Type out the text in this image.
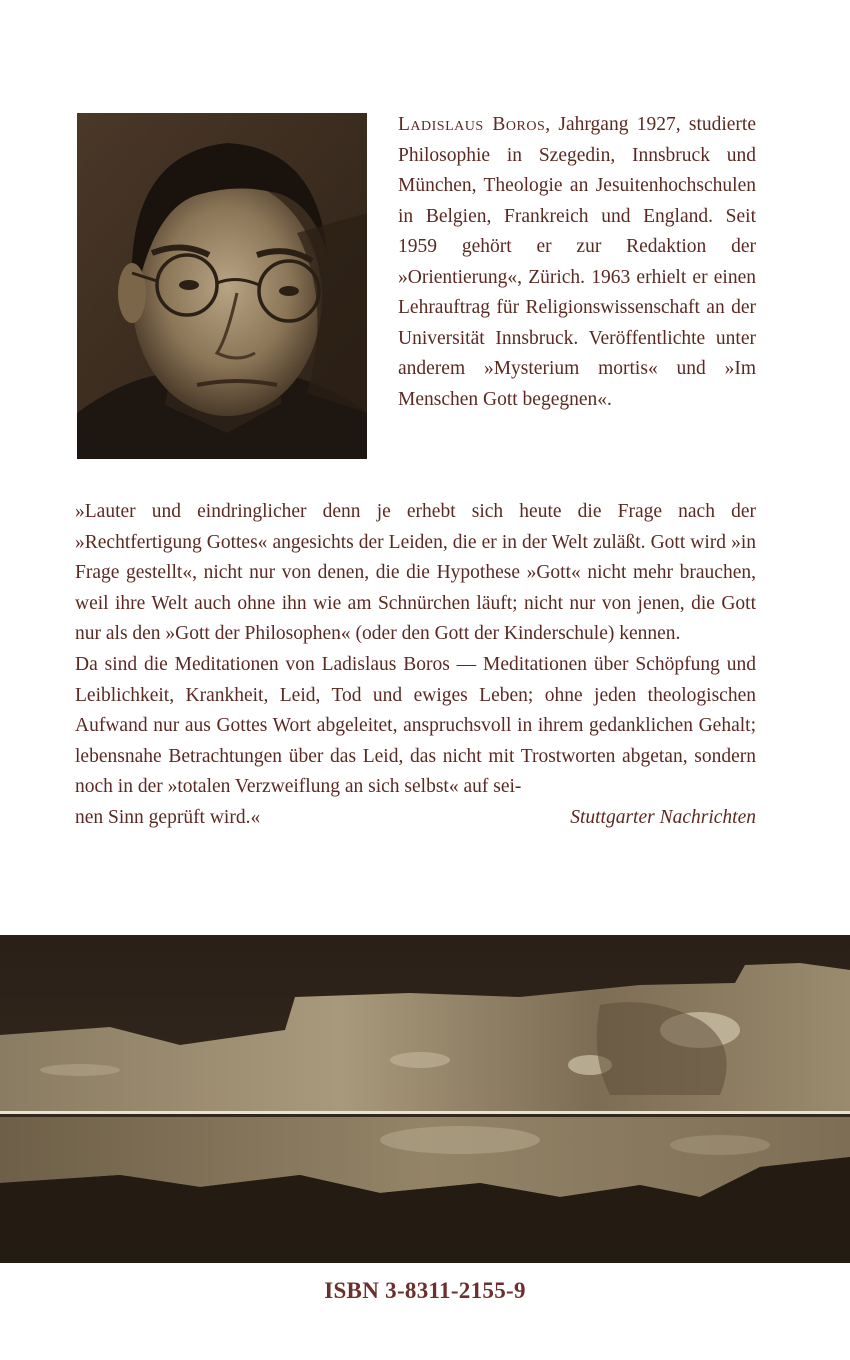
Ladislaus Boros, Jahrgang 1927, studierte Philosophie in Szegedin, Innsbruck und München, Theologie an Jesuitenhochschulen in Belgien, Frankreich und England. Seit 1959 gehört er zur Redaktion der »Orientierung«, Zürich. 1963 erhielt er einen Lehrauftrag für Religionswissenschaft an der Universität Innsbruck. Veröffentlichte unter anderem »Mysterium mortis« und »Im Menschen Gott begegnen«.

»Lauter und eindringlicher denn je erhebt sich heute die Frage nach der »Rechtfertigung Gottes« angesichts der Leiden, die er in der Welt zuläßt. Gott wird »in Frage gestellt«, nicht nur von denen, die die Hypothese »Gott« nicht mehr brauchen, weil ihre Welt auch ohne ihn wie am Schnürchen läuft; nicht nur von jenen, die Gott nur als den »Gott der Philosophen« (oder den Gott der Kinderschule) kennen.

Da sind die Meditationen von Ladislaus Boros — Meditationen über Schöpfung und Leiblichkeit, Krankheit, Leid, Tod und ewiges Leben; ohne jeden theologischen Aufwand nur aus Gottes Wort abgeleitet, anspruchsvoll in ihrem gedanklichen Gehalt; lebensnahe Betrachtungen über das Leid, das nicht mit Trostworten abgetan, sondern noch in der »totalen Verzweiflung an sich selbst« auf sei-

nen Sinn geprüft wird.«	Stuttgarter Nachrichten
ISBN 3-8311-2155-9
